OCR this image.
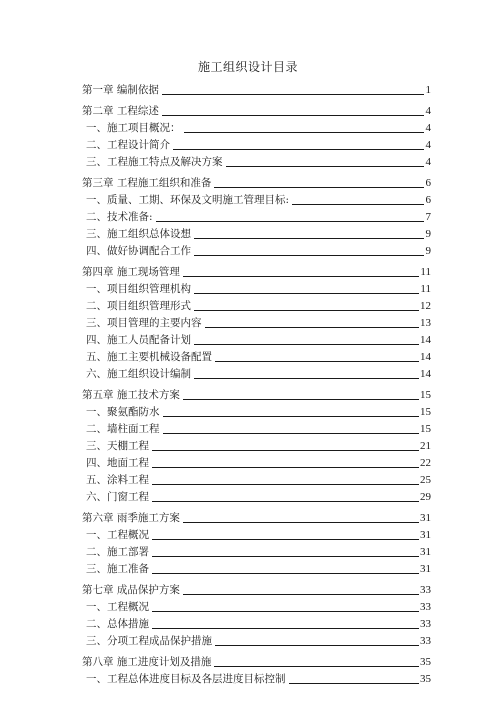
施工组织设计目录
第一章 编制依据	1
第二章 工程综述	4
一、施工项目概况：	4
二、工程设计简介	4
三、工程施工特点及解决方案	4
第三章 工程施工组织和准备	6
一、质量、工期、环保及文明施工管理目标:	6
二、技术准备:	7
三、施工组织总体设想	9
四、做好协调配合工作	9
第四章 施工现场管理	11
一、项目组织管理机构	11
二、项目组织管理形式	12
三、项目管理的主要内容	13
四、施工人员配备计划	14
五、施工主要机械设备配置	14
六、施工组织设计编制	14
第五章 施工技术方案	15
一、聚氨酯防水	15
二、墙柱面工程	15
三、天棚工程	21
四、地面工程	22
五、涂料工程	25
六、门窗工程	29
第六章 雨季施工方案	31
一、工程概况	31
二、施工部署	31
三、施工准备	31
第七章 成品保护方案	33
一、工程概况	33
二、总体措施	33
三、分项工程成品保护措施	33
第八章 施工进度计划及措施	35
一、工程总体进度目标及各层进度目标控制	35
